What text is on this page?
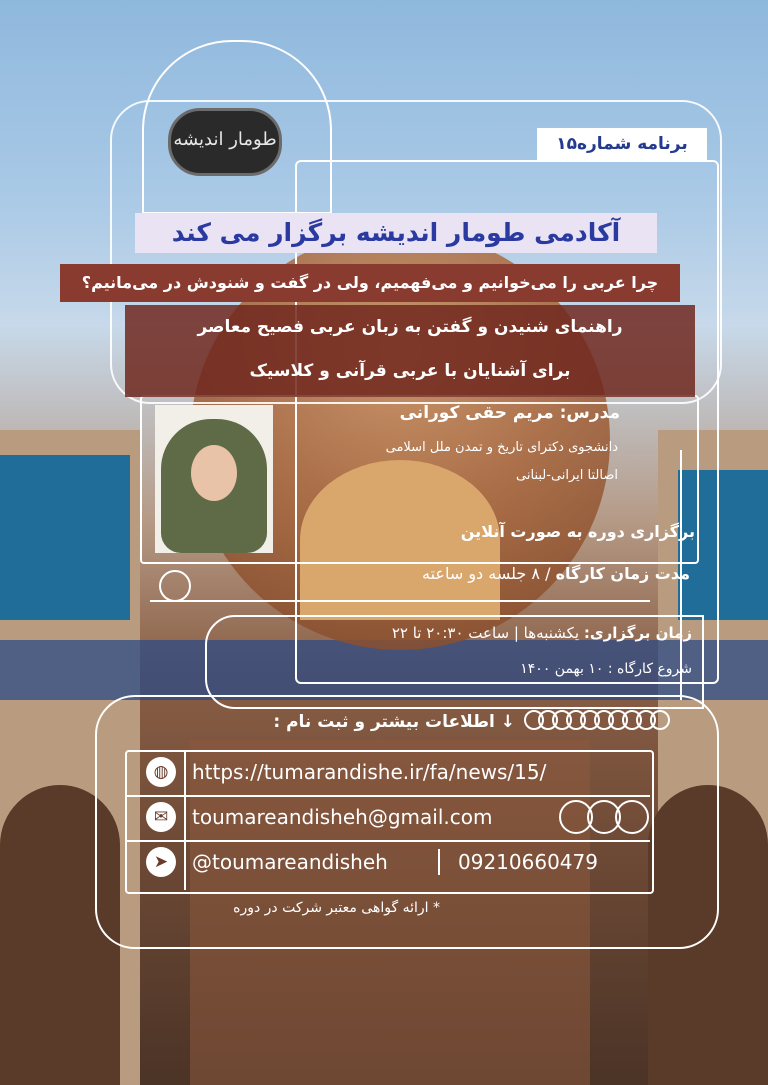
طومار اندیشه	برنامه شماره۱۵
آکادمی طومار اندیشه برگزار می کند
چرا عربی را می‌خوانیم و می‌فهمیم، ولی در گفت و شنودش در می‌مانیم؟
راهنمای شنیدن و گفتن به زبان عربی فصیح معاصر
برای آشنایان با عربی قرآنی و کلاسیک
مدرس: مریم حقی کورانی
دانشجوی دکترای تاریخ و تمدن ملل اسلامی
اصالتا ایرانی-لبنانی
برگزاری دوره به صورت آنلاین
مدت زمان کارگاه / ۸ جلسه دو ساعته
زمان برگزاری: یکشنبه‌ها | ساعت ۲۰:۳۰ تا ۲۲
شروع کارگاه : ۱۰ بهمن ۱۴۰۰
↓ اطلاعات بیشتر و ثبت نام :
◍	https://tumarandishe.ir/fa/news/15/
✉	toumareandisheh@gmail.com
➤	@toumareandisheh	09210660479
* ارائه گواهی معتبر شرکت در دوره
